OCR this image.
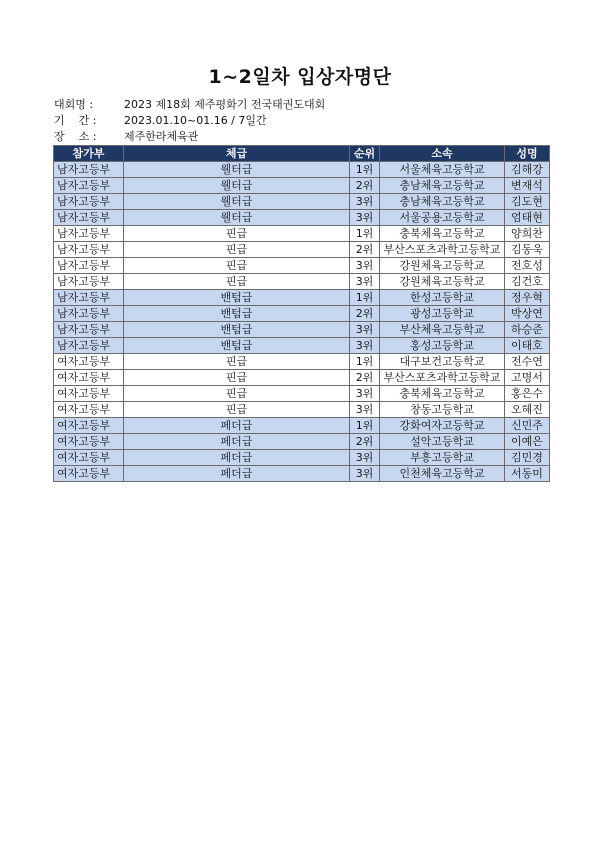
1~2일차 입상자명단
대회명 :	2023 제18회 제주평화기 전국태권도대회
기    간 :	2023.01.10~01.16 / 7일간
장    소 :	제주한라체육관
참가부	체급	순위	소속	성명
남자고등부	웰터급	1위	서울체육고등학교	김해강
남자고등부	웰터급	2위	충남체육고등학교	변재석
남자고등부	웰터급	3위	충남체육고등학교	김도현
남자고등부	웰터급	3위	서울공용고등학교	엄태현
남자고등부	핀급	1위	충북체육고등학교	양희찬
남자고등부	핀급	2위	부산스포츠과학고등학교	김동욱
남자고등부	핀급	3위	강원체육고등학교	전호성
남자고등부	핀급	3위	강원체육고등학교	김건호
남자고등부	밴텀급	1위	한성고등학교	정우혁
남자고등부	밴텀급	2위	광성고등학교	박상연
남자고등부	밴텀급	3위	부산체육고등학교	하승준
남자고등부	밴텀급	3위	홍성고등학교	이태호
여자고등부	핀급	1위	대구보건고등학교	전수연
여자고등부	핀급	2위	부산스포츠과학고등학교	고명서
여자고등부	핀급	3위	충북체육고등학교	홍은수
여자고등부	핀급	3위	창동고등학교	오혜진
여자고등부	페더급	1위	강화여자고등학교	신민주
여자고등부	페더급	2위	설악고등학교	이예은
여자고등부	페더급	3위	부흥고등학교	김민경
여자고등부	페더급	3위	인천체육고등학교	서동미
